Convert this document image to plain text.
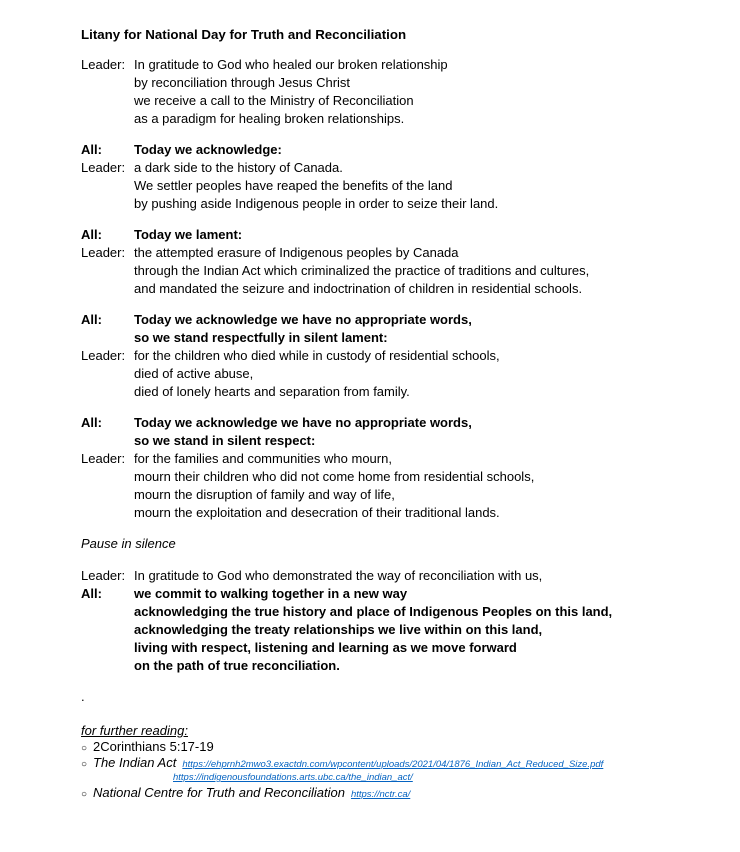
Litany for National Day for Truth and Reconciliation
Leader: In gratitude to God who healed our broken relationship
by reconciliation through Jesus Christ
we receive a call to the Ministry of Reconciliation
as a paradigm for healing broken relationships.
All:	Today we acknowledge:
Leader: a dark side to the history of Canada.
We settler peoples have reaped the benefits of the land
by pushing aside Indigenous people in order to seize their land.
All:	Today we lament:
Leader: the attempted erasure of Indigenous peoples by Canada
through the Indian Act which criminalized the practice of traditions and cultures,
and mandated the seizure and indoctrination of children in residential schools.
All:	Today we acknowledge we have no appropriate words,
so we stand respectfully in silent lament:
Leader: for the children who died while in custody of residential schools,
died of active abuse,
died of lonely hearts and separation from family.
All:	Today we acknowledge we have no appropriate words,
so we stand in silent respect:
Leader: for the families and communities who mourn,
mourn their children who did not come home from residential schools,
mourn the disruption of family and way of life,
mourn the exploitation and desecration of their traditional lands.
Pause in silence
Leader: In gratitude to God who demonstrated the way of reconciliation with us,
All:	we commit to walking together in a new way
acknowledging the true history and place of Indigenous Peoples on this land,
acknowledging the treaty relationships we live within on this land,
living with respect, listening and learning as we move forward
on the path of true reconciliation.
.
for further reading:
○ 2Corinthians 5:17-19
○ The Indian Act https://ehprnh2mwo3.exactdn.com/wpcontent/uploads/2021/04/1876_Indian_Act_Reduced_Size.pdf
https://indigenousfoundations.arts.ubc.ca/the_indian_act/
○ National Centre for Truth and Reconciliation https://nctr.ca/
